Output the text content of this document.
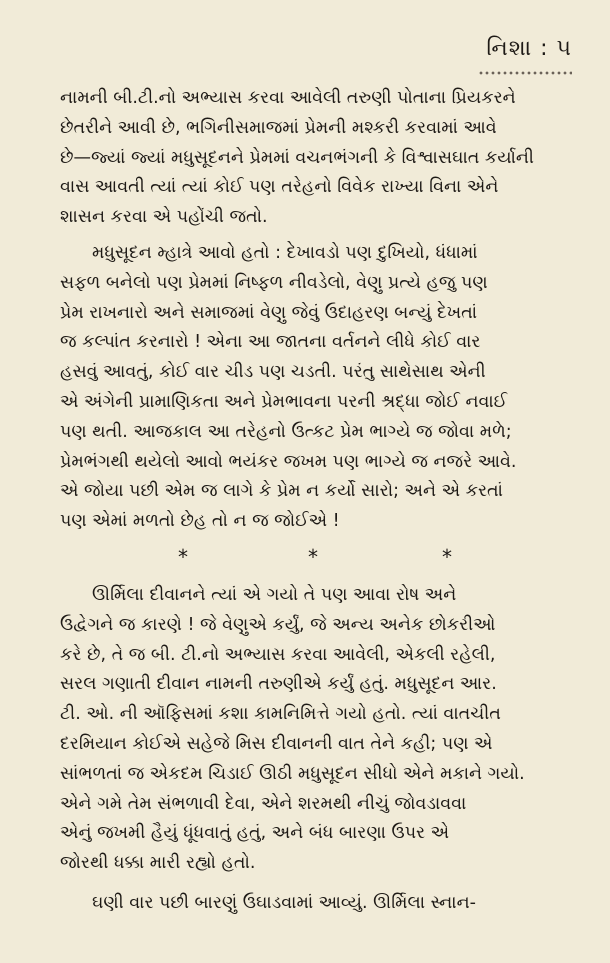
નિશા : ૫
નામની બી.ટી.નો અભ્યાસ કરવા આવેલી તરુણી પોતાના પ્રિયકરને
છેતરીને આવી છે, ભગિનીસમાજમાં પ્રેમની મશ્કરી કરવામાં આવે
છે—જ્યાં જ્યાં મધુસૂદનને પ્રેમમાં વચનભંગની કે વિશ્વાસઘાત કર્યાની
વાસ આવતી ત્યાં ત્યાં કોઈ પણ તરેહનો વિવેક રાખ્યા વિના એને
શાસન કરવા એ પહોંચી જતો.
મધુસૂદન મ્હાત્રે આવો હતો : દેખાવડો પણ દુખિયો, ધંધામાં
સફળ બનેલો પણ પ્રેમમાં નિષ્ફળ નીવડેલો, વેણુ પ્રત્યે હજુ પણ
પ્રેમ રાખનારો અને સમાજમાં વેણુ જેવું ઉદાહરણ બન્યું દેખતાં
જ કલ્પાંત કરનારો ! એના આ જાતના વર્તનને લીધે કોઈ વાર
હસવું આવતું, કોઈ વાર ચીડ પણ ચડતી. પરંતુ સાથેસાથ એની
એ અંગેની પ્રામાણિકતા અને પ્રેમભાવના પરની શ્રદ્ધા જોઈ નવાઈ
પણ થતી. આજકાલ આ તરેહનો ઉત્કટ પ્રેમ ભાગ્યે જ જોવા મળે;
પ્રેમભંગથી થયેલો આવો ભયંકર જખમ પણ ભાગ્યે જ નજરે આવે.
એ જોયા પછી એમ જ લાગે કે પ્રેમ ન કર્યો સારો; અને એ કરતાં
પણ એમાં મળતો છેહ તો ન જ જોઈએ !
*	*	*
ઊર્મિલા દીવાનને ત્યાં એ ગયો તે પણ આવા રોષ અને
ઉદ્વેગને જ કારણે ! જે વેણુએ કર્યું, જે અન્ય અનેક છોકરીઓ
કરે છે, તે જ બી. ટી.નો અભ્યાસ કરવા આવેલી, એકલી રહેલી,
સરલ ગણાતી દીવાન નામની તરુણીએ કર્યું હતું. મધુસૂદન આર.
ટી. ઓ. ની ઑફિસમાં કશા કામનિમિત્તે ગયો હતો. ત્યાં વાતચીત
દરમિયાન કોઈએ સહેજે મિસ દીવાનની વાત તેને કહી; પણ એ
સાંભળતાં જ એકદમ ચિડાઈ ઊઠી મધુસૂદન સીધો એને મકાને ગયો.
એને ગમે તેમ સંભળાવી દેવા, એને શરમથી નીચું જોવડાવવા
એનું જખમી હૈયું ધૂંધવાતું હતું, અને બંધ બારણા ઉપર એ
જોરથી ધક્કા મારી રહ્યો હતો.
ઘણી વાર પછી બારણું ઉઘાડવામાં આવ્યું. ઊર્મિલા સ્નાન-
